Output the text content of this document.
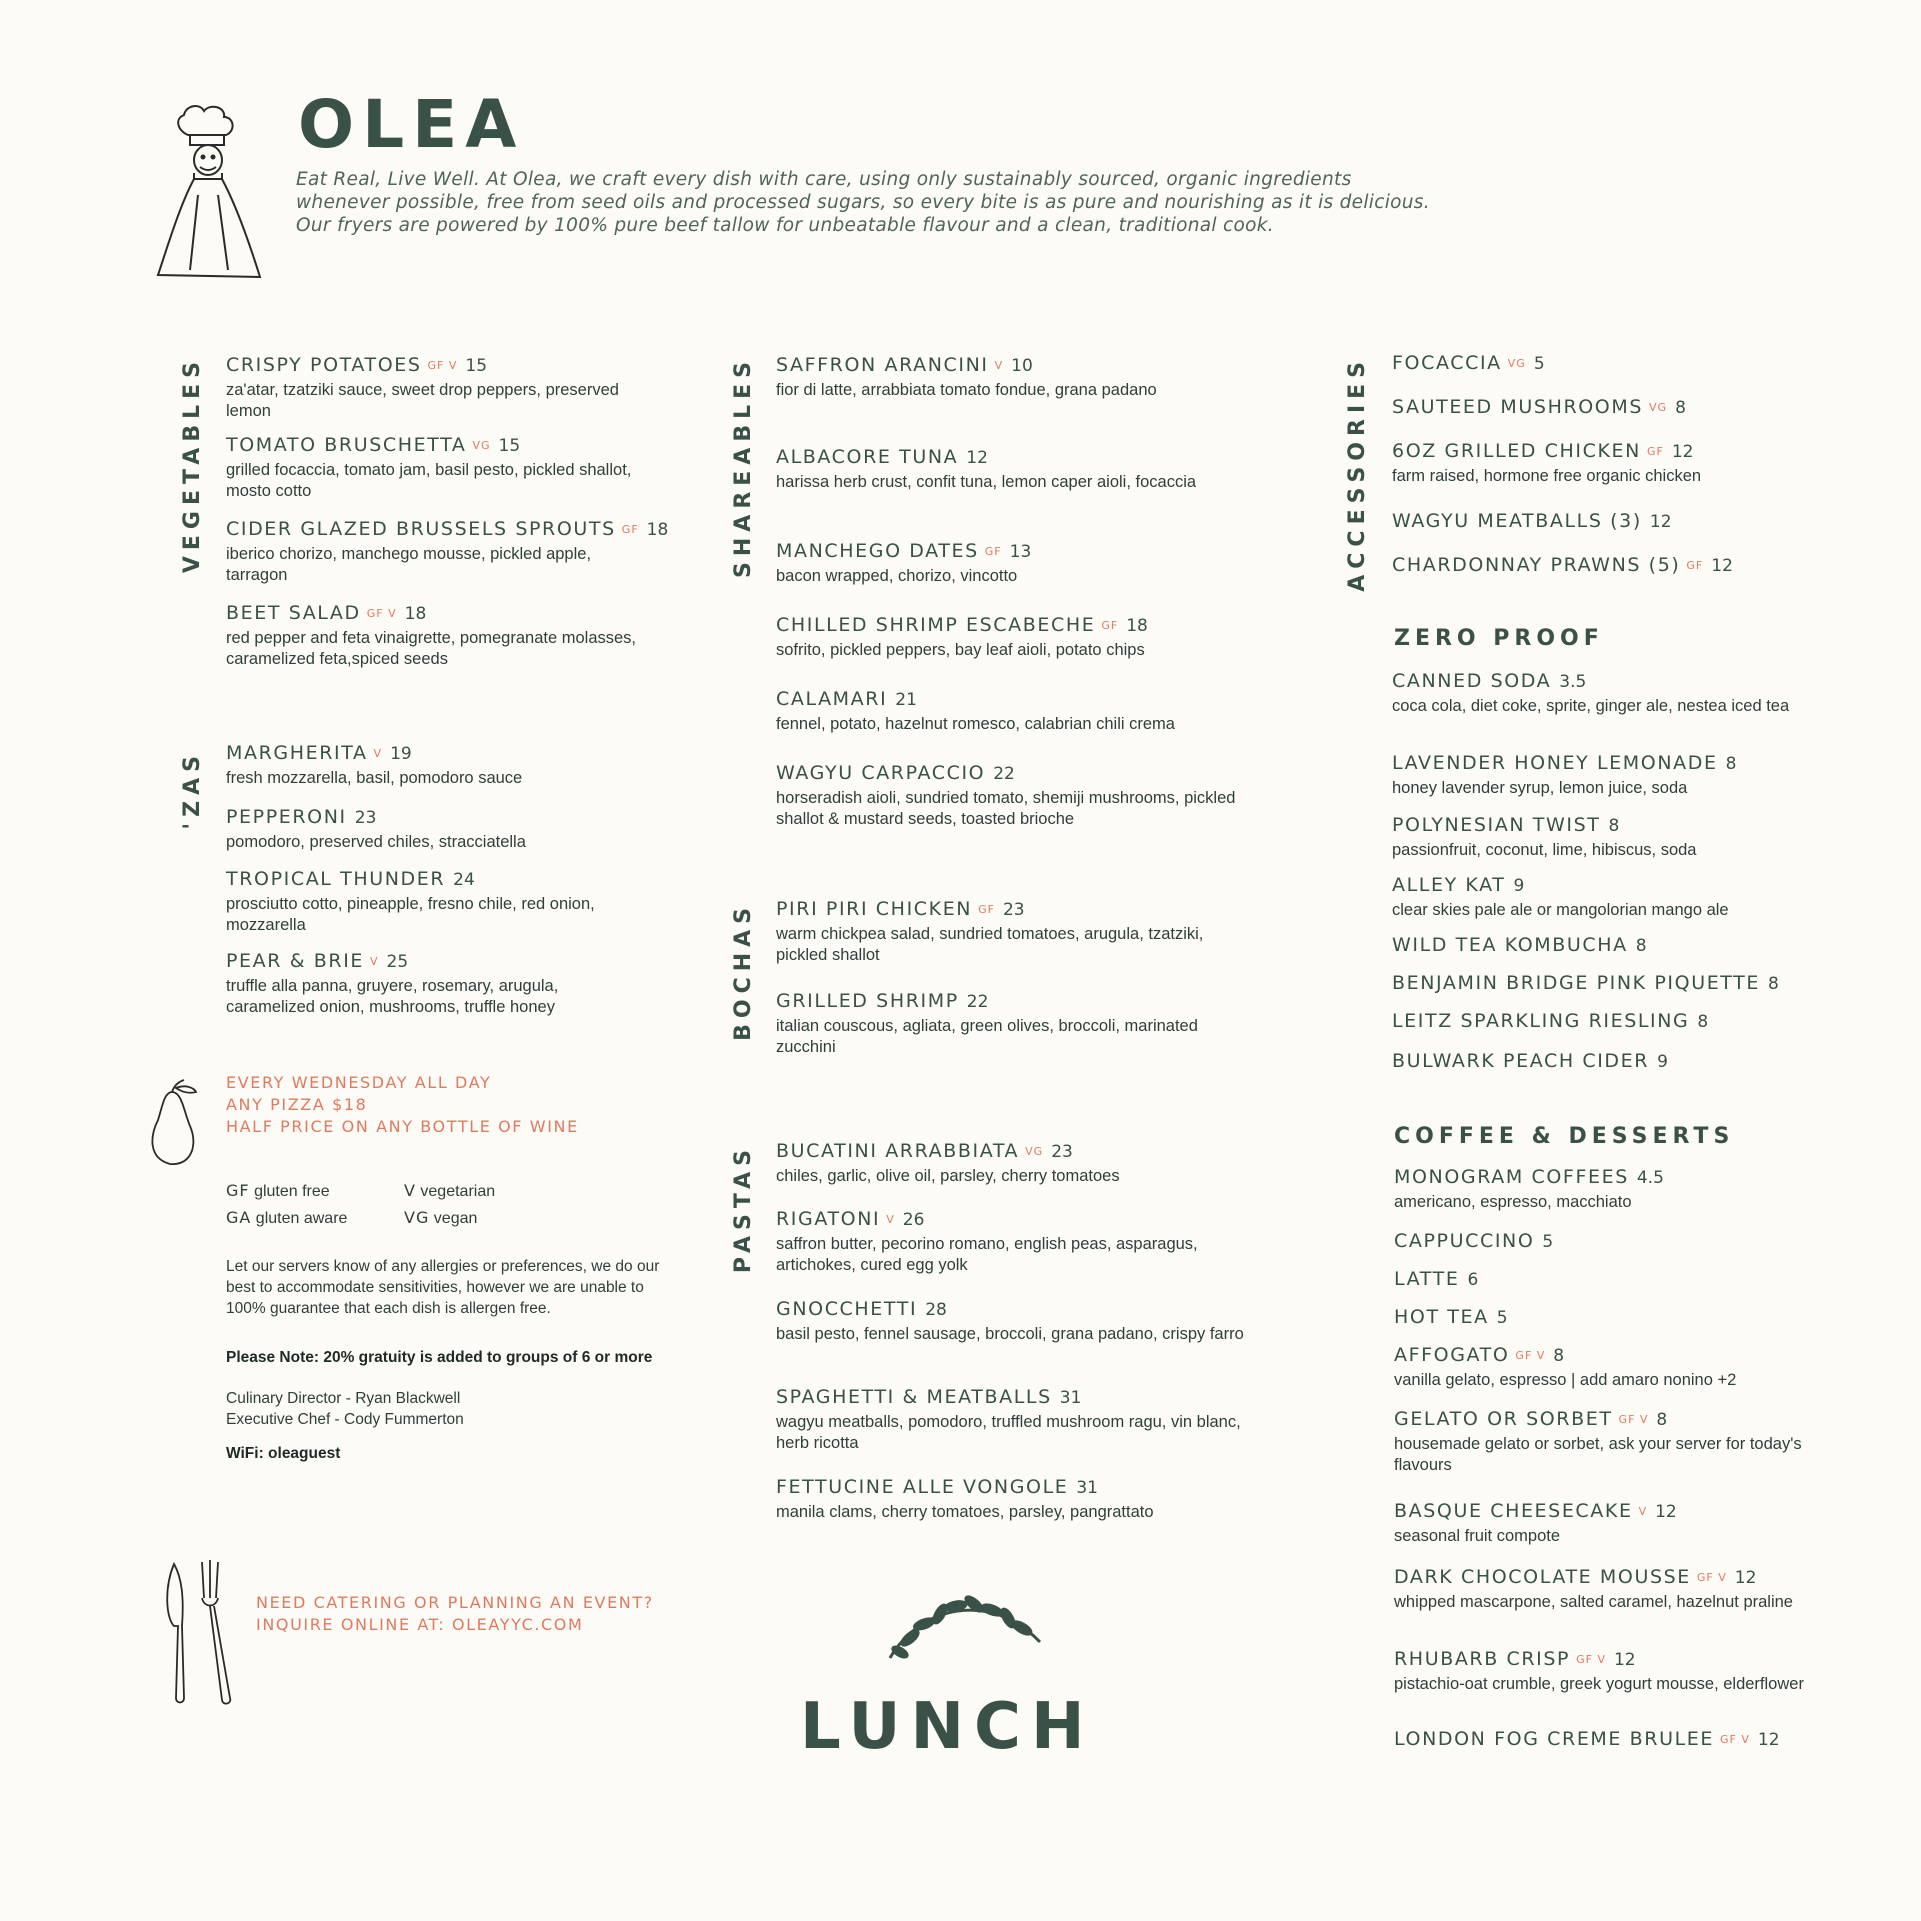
OLEA
Eat Real, Live Well. At Olea, we craft every dish with care, using only sustainably sourced, organic ingredients whenever possible, free from seed oils and processed sugars, so every bite is as pure and nourishing as it is delicious. Our fryers are powered by 100% pure beef tallow for unbeatable flavour and a clean, traditional cook.
VEGETABLES CRISPY POTATOES GF V 15
za'atar, tzatziki sauce, sweet drop peppers, preserved lemon
TOMATO BRUSCHETTA VG 15
grilled focaccia, tomato jam, basil pesto, pickled shallot, mosto cotto
CIDER GLAZED BRUSSELS SPROUTS GF 18
iberico chorizo, manchego mousse, pickled apple, tarragon
BEET SALAD GF V 18
red pepper and feta vinaigrette, pomegranate molasses, caramelized feta,spiced seeds
'ZAS MARGHERITA V 19
fresh mozzarella, basil, pomodoro sauce
PEPPERONI 23
pomodoro, preserved chiles, stracciatella
TROPICAL THUNDER 24
prosciutto cotto, pineapple, fresno chile, red onion, mozzarella
PEAR & BRIE V 25
truffle alla panna, gruyere, rosemary, arugula, caramelized onion, mushrooms, truffle honey
EVERY WEDNESDAY ALL DAY
ANY PIZZA $18
HALF PRICE ON ANY BOTTLE OF WINE
GF gluten free
GA gluten aware
V vegetarian
VG vegan
Let our servers know of any allergies or preferences, we do our best to accommodate sensitivities, however we are unable to 100% guarantee that each dish is allergen free.
Please Note: 20% gratuity is added to groups of 6 or more
Culinary Director - Ryan Blackwell
Executive Chef - Cody Fummerton
WiFi: oleaguest
NEED CATERING OR PLANNING AN EVENT?
INQUIRE ONLINE AT: OLEAYYC.COM
SHAREABLES SAFFRON ARANCINI V 10
fior di latte, arrabbiata tomato fondue, grana padano
ALBACORE TUNA 12
harissa herb crust, confit tuna, lemon caper aioli, focaccia
MANCHEGO DATES GF 13
bacon wrapped, chorizo, vincotto
CHILLED SHRIMP ESCABECHE GF 18
sofrito, pickled peppers, bay leaf aioli, potato chips
CALAMARI 21
fennel, potato, hazelnut romesco, calabrian chili crema
WAGYU CARPACCIO 22
horseradish aioli, sundried tomato, shemiji mushrooms, pickled shallot & mustard seeds, toasted brioche
BOCHAS PIRI PIRI CHICKEN GF 23
warm chickpea salad, sundried tomatoes, arugula, tzatziki, pickled shallot
GRILLED SHRIMP 22
italian couscous, agliata, green olives, broccoli, marinated zucchini
PASTAS BUCATINI ARRABBIATA VG 23
chiles, garlic, olive oil, parsley, cherry tomatoes
RIGATONI V 26
saffron butter, pecorino romano, english peas, asparagus, artichokes, cured egg yolk
GNOCCHETTI 28
basil pesto, fennel sausage, broccoli, grana padano, crispy farro
SPAGHETTI & MEATBALLS 31
wagyu meatballs, pomodoro, truffled mushroom ragu, vin blanc, herb ricotta
FETTUCINE ALLE VONGOLE 31
manila clams, cherry tomatoes, parsley, pangrattato
LUNCH
ACCESSORIES FOCACCIA VG 5
SAUTEED MUSHROOMS VG 8
6OZ GRILLED CHICKEN GF 12
farm raised, hormone free organic chicken
WAGYU MEATBALLS (3) 12
CHARDONNAY PRAWNS (5) GF 12
ZERO PROOF
CANNED SODA 3.5
coca cola, diet coke, sprite, ginger ale, nestea iced tea
LAVENDER HONEY LEMONADE 8
honey lavender syrup, lemon juice, soda
POLYNESIAN TWIST 8
passionfruit, coconut, lime, hibiscus, soda
ALLEY KAT 9
clear skies pale ale or mangolorian mango ale
WILD TEA KOMBUCHA 8
BENJAMIN BRIDGE PINK PIQUETTE 8
LEITZ SPARKLING RIESLING 8
BULWARK PEACH CIDER 9
COFFEE & DESSERTS
MONOGRAM COFFEES 4.5
americano, espresso, macchiato
CAPPUCCINO 5
LATTE 6
HOT TEA 5
AFFOGATO GF V 8
vanilla gelato, espresso | add amaro nonino +2
GELATO OR SORBET GF V 8
housemade gelato or sorbet, ask your server for today's flavours
BASQUE CHEESECAKE V 12
seasonal fruit compote
DARK CHOCOLATE MOUSSE GF V 12
whipped mascarpone, salted caramel, hazelnut praline
RHUBARB CRISP GF V 12
pistachio-oat crumble, greek yogurt mousse, elderflower
LONDON FOG CREME BRULEE GF V 12
